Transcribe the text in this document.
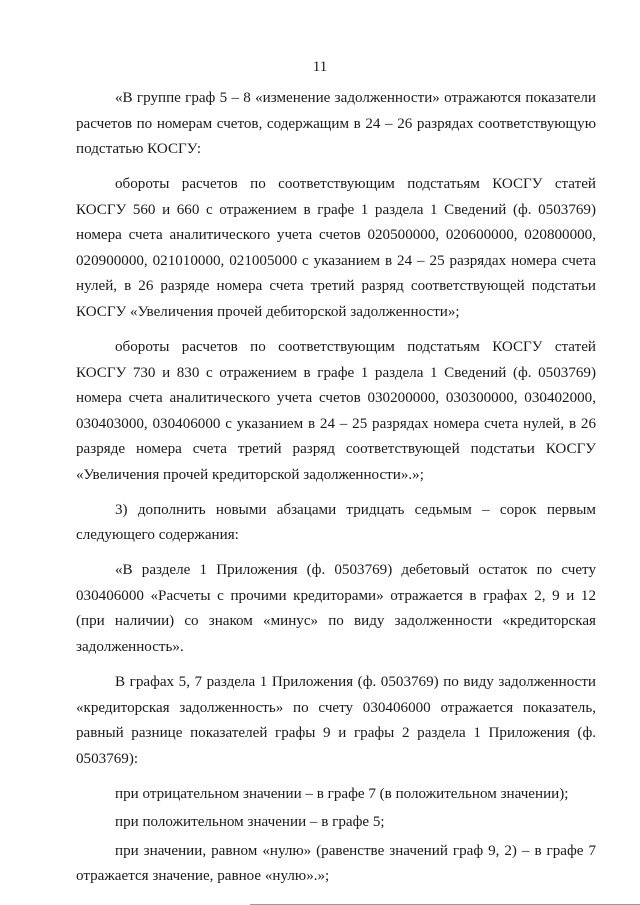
11

«В группе граф 5 – 8 «изменение задолженности» отражаются показатели расчетов по номерам счетов, содержащим в 24 – 26 разрядах соответствующую подстатью КОСГУ:

обороты расчетов по соответствующим подстатьям КОСГУ статей КОСГУ 560 и 660 с отражением в графе 1 раздела 1 Сведений (ф. 0503769) номера счета аналитического учета счетов 020500000, 020600000, 020800000, 020900000, 021010000, 021005000 с указанием в 24 – 25 разрядах номера счета нулей, в 26 разряде номера счета третий разряд соответствующей подстатьи КОСГУ «Увеличения прочей дебиторской задолженности»;

обороты расчетов по соответствующим подстатьям КОСГУ статей КОСГУ 730 и 830 с отражением в графе 1 раздела 1 Сведений (ф. 0503769) номера счета аналитического учета счетов 030200000, 030300000, 030402000, 030403000, 030406000 с указанием в 24 – 25 разрядах номера счета нулей, в 26 разряде номера счета третий разряд соответствующей подстатьи КОСГУ «Увеличения прочей кредиторской задолженности».»;

3) дополнить новыми абзацами тридцать седьмым – сорок первым следующего содержания:

«В разделе 1 Приложения (ф. 0503769) дебетовый остаток по счету 030406000 «Расчеты с прочими кредиторами» отражается в графах 2, 9 и 12 (при наличии) со знаком «минус» по виду задолженности «кредиторская задолженность».

В графах 5, 7 раздела 1 Приложения (ф. 0503769) по виду задолженности «кредиторская задолженность» по счету 030406000 отражается показатель, равный разнице показателей графы 9 и графы 2 раздела 1 Приложения (ф. 0503769):

при отрицательном значении – в графе 7 (в положительном значении);

при положительном значении – в графе 5;

при значении, равном «нулю» (равенстве значений граф 9, 2) – в графе 7 отражается значение, равное «нулю».»;
